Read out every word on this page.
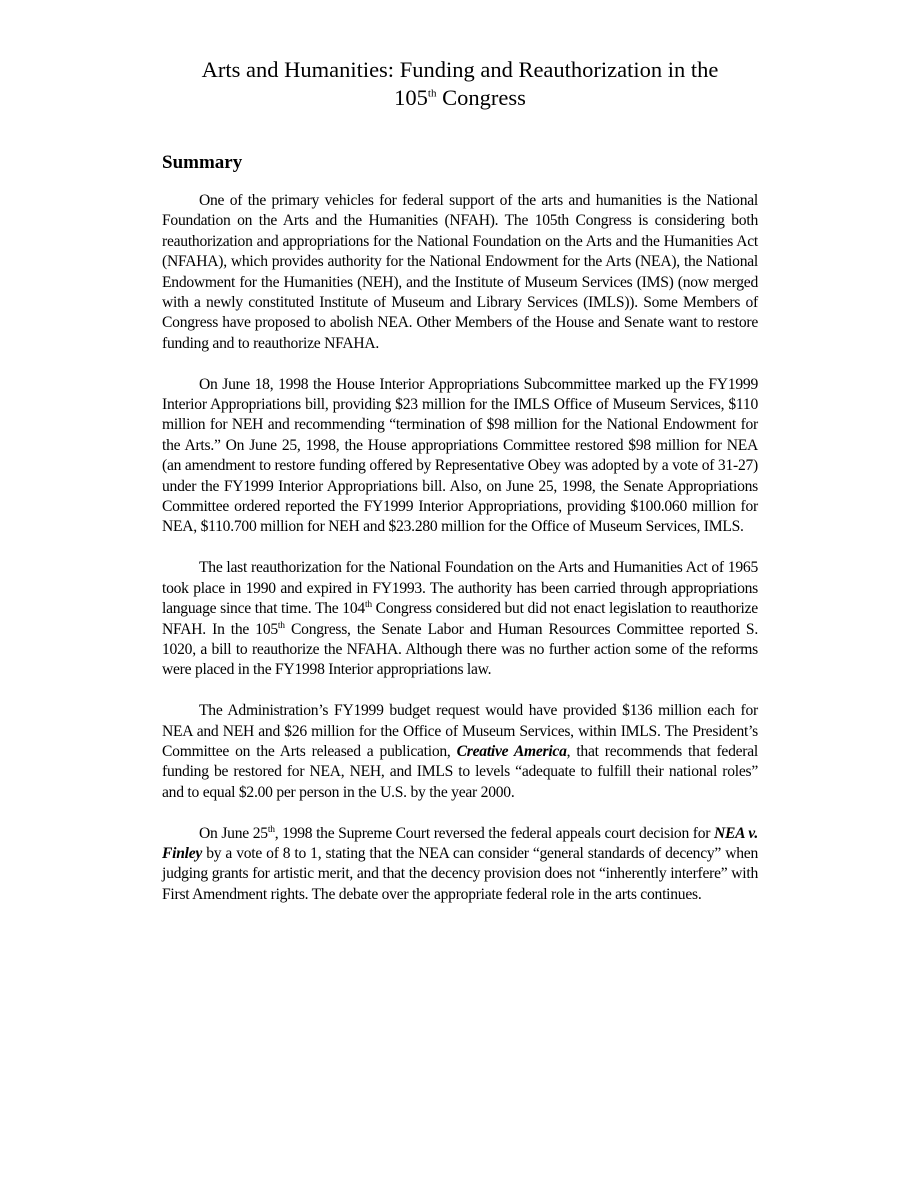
Arts and Humanities: Funding and Reauthorization in the
105th Congress
Summary

One of the primary vehicles for federal support of the arts and humanities is the National Foundation on the Arts and the Humanities (NFAH). The 105th Congress is considering both reauthorization and appropriations for the National Foundation on the Arts and the Humanities Act (NFAHA), which provides authority for the National Endowment for the Arts (NEA), the National Endowment for the Humanities (NEH), and the Institute of Museum Services (IMS) (now merged with a newly constituted Institute of Museum and Library Services (IMLS)). Some Members of Congress have proposed to abolish NEA. Other Members of the House and Senate want to restore funding and to reauthorize NFAHA.

On June 18, 1998 the House Interior Appropriations Subcommittee marked up the FY1999 Interior Appropriations bill, providing $23 million for the IMLS Office of Museum Services, $110 million for NEH and recommending “termination of $98 million for the National Endowment for the Arts.” On June 25, 1998, the House appropriations Committee restored $98 million for NEA (an amendment to restore funding offered by Representative Obey was adopted by a vote of 31-27) under the FY1999 Interior Appropriations bill. Also, on June 25, 1998, the Senate Appropriations Committee ordered reported the FY1999 Interior Appropriations, providing $100.060 million for NEA, $110.700 million for NEH and $23.280 million for the Office of Museum Services, IMLS.

The last reauthorization for the National Foundation on the Arts and Humanities Act of 1965 took place in 1990 and expired in FY1993. The authority has been carried through appropriations language since that time. The 104th Congress considered but did not enact legislation to reauthorize NFAH. In the 105th Congress, the Senate Labor and Human Resources Committee reported S. 1020, a bill to reauthorize the NFAHA. Although there was no further action some of the reforms were placed in the FY1998 Interior appropriations law.

The Administration’s FY1999 budget request would have provided $136 million each for NEA and NEH and $26 million for the Office of Museum Services, within IMLS. The President’s Committee on the Arts released a publication, Creative America, that recommends that federal funding be restored for NEA, NEH, and IMLS to levels “adequate to fulfill their national roles” and to equal $2.00 per person in the U.S. by the year 2000.

On June 25th, 1998 the Supreme Court reversed the federal appeals court decision for NEA v. Finley by a vote of 8 to 1, stating that the NEA can consider “general standards of decency” when judging grants for artistic merit, and that the decency provision does not “inherently interfere” with First Amendment rights. The debate over the appropriate federal role in the arts continues.
